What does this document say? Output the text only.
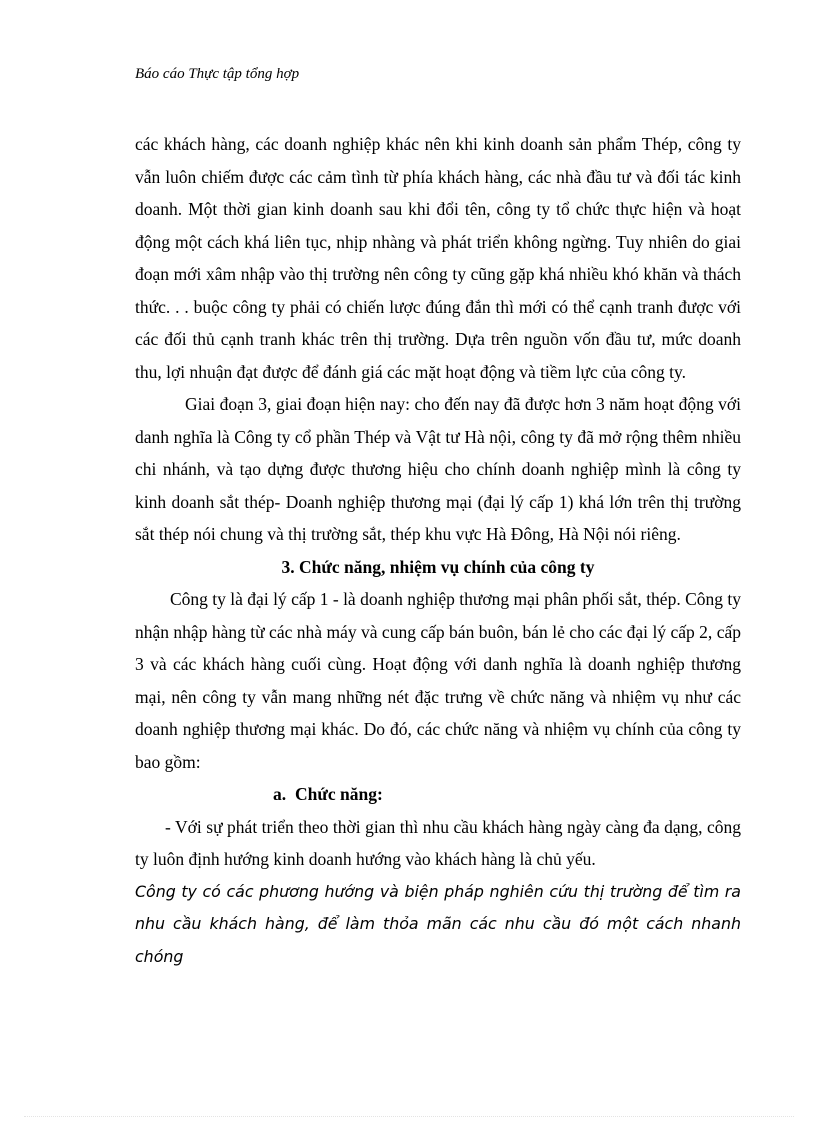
Báo cáo Thực tập tổng hợp

các khách hàng, các doanh nghiệp khác nên khi kinh doanh sản phẩm Thép, công ty vẫn luôn chiếm được các cảm tình từ phía khách hàng, các nhà đầu tư và đối tác kinh doanh. Một thời gian kinh doanh sau khi đổi tên, công ty tổ chức thực hiện và hoạt động một cách khá liên tục, nhịp nhàng và phát triển không ngừng. Tuy nhiên do giai đoạn mới xâm nhập vào thị trường nên công ty cũng gặp khá nhiều khó khăn và thách thức. . . buộc công ty phải có chiến lược đúng đắn thì mới có thể cạnh tranh được với các đối thủ cạnh tranh khác trên thị trường. Dựa trên nguồn vốn đầu tư, mức doanh thu, lợi nhuận đạt được để đánh giá các mặt hoạt động và tiềm lực của công ty.

Giai đoạn 3, giai đoạn hiện nay: cho đến nay đã được hơn 3 năm hoạt động với danh nghĩa là Công ty cổ phần Thép và Vật tư Hà nội, công ty đã mở rộng thêm nhiều chi nhánh, và tạo dựng được thương hiệu cho chính doanh nghiệp mình là công ty kinh doanh sắt thép- Doanh nghiệp thương mại (đại lý cấp 1) khá lớn trên thị trường sắt thép nói chung và thị trường sắt, thép khu vực Hà Đông, Hà Nội nói riêng.

3. Chức năng, nhiệm vụ chính của công ty

Công ty là đại lý cấp 1 - là doanh nghiệp thương mại phân phối sắt, thép. Công ty nhận nhập hàng từ các nhà máy và cung cấp bán buôn, bán lẻ cho các đại lý cấp 2, cấp 3 và các khách hàng cuối cùng. Hoạt động với danh nghĩa là doanh nghiệp thương mại, nên công ty vẫn mang những nét đặc trưng về chức năng và nhiệm vụ như các doanh nghiệp thương mại khác. Do đó, các chức năng và nhiệm vụ chính của công ty bao gồm:

a. Chức năng:

- Với sự phát triển theo thời gian thì nhu cầu khách hàng ngày càng đa dạng, công ty luôn định hướng kinh doanh hướng vào khách hàng là chủ yếu.

Công ty có các phương hướng và biện pháp nghiên cứu thị trường để tìm ra nhu cầu khách hàng, để làm thỏa mãn các nhu cầu đó một cách nhanh chóng
